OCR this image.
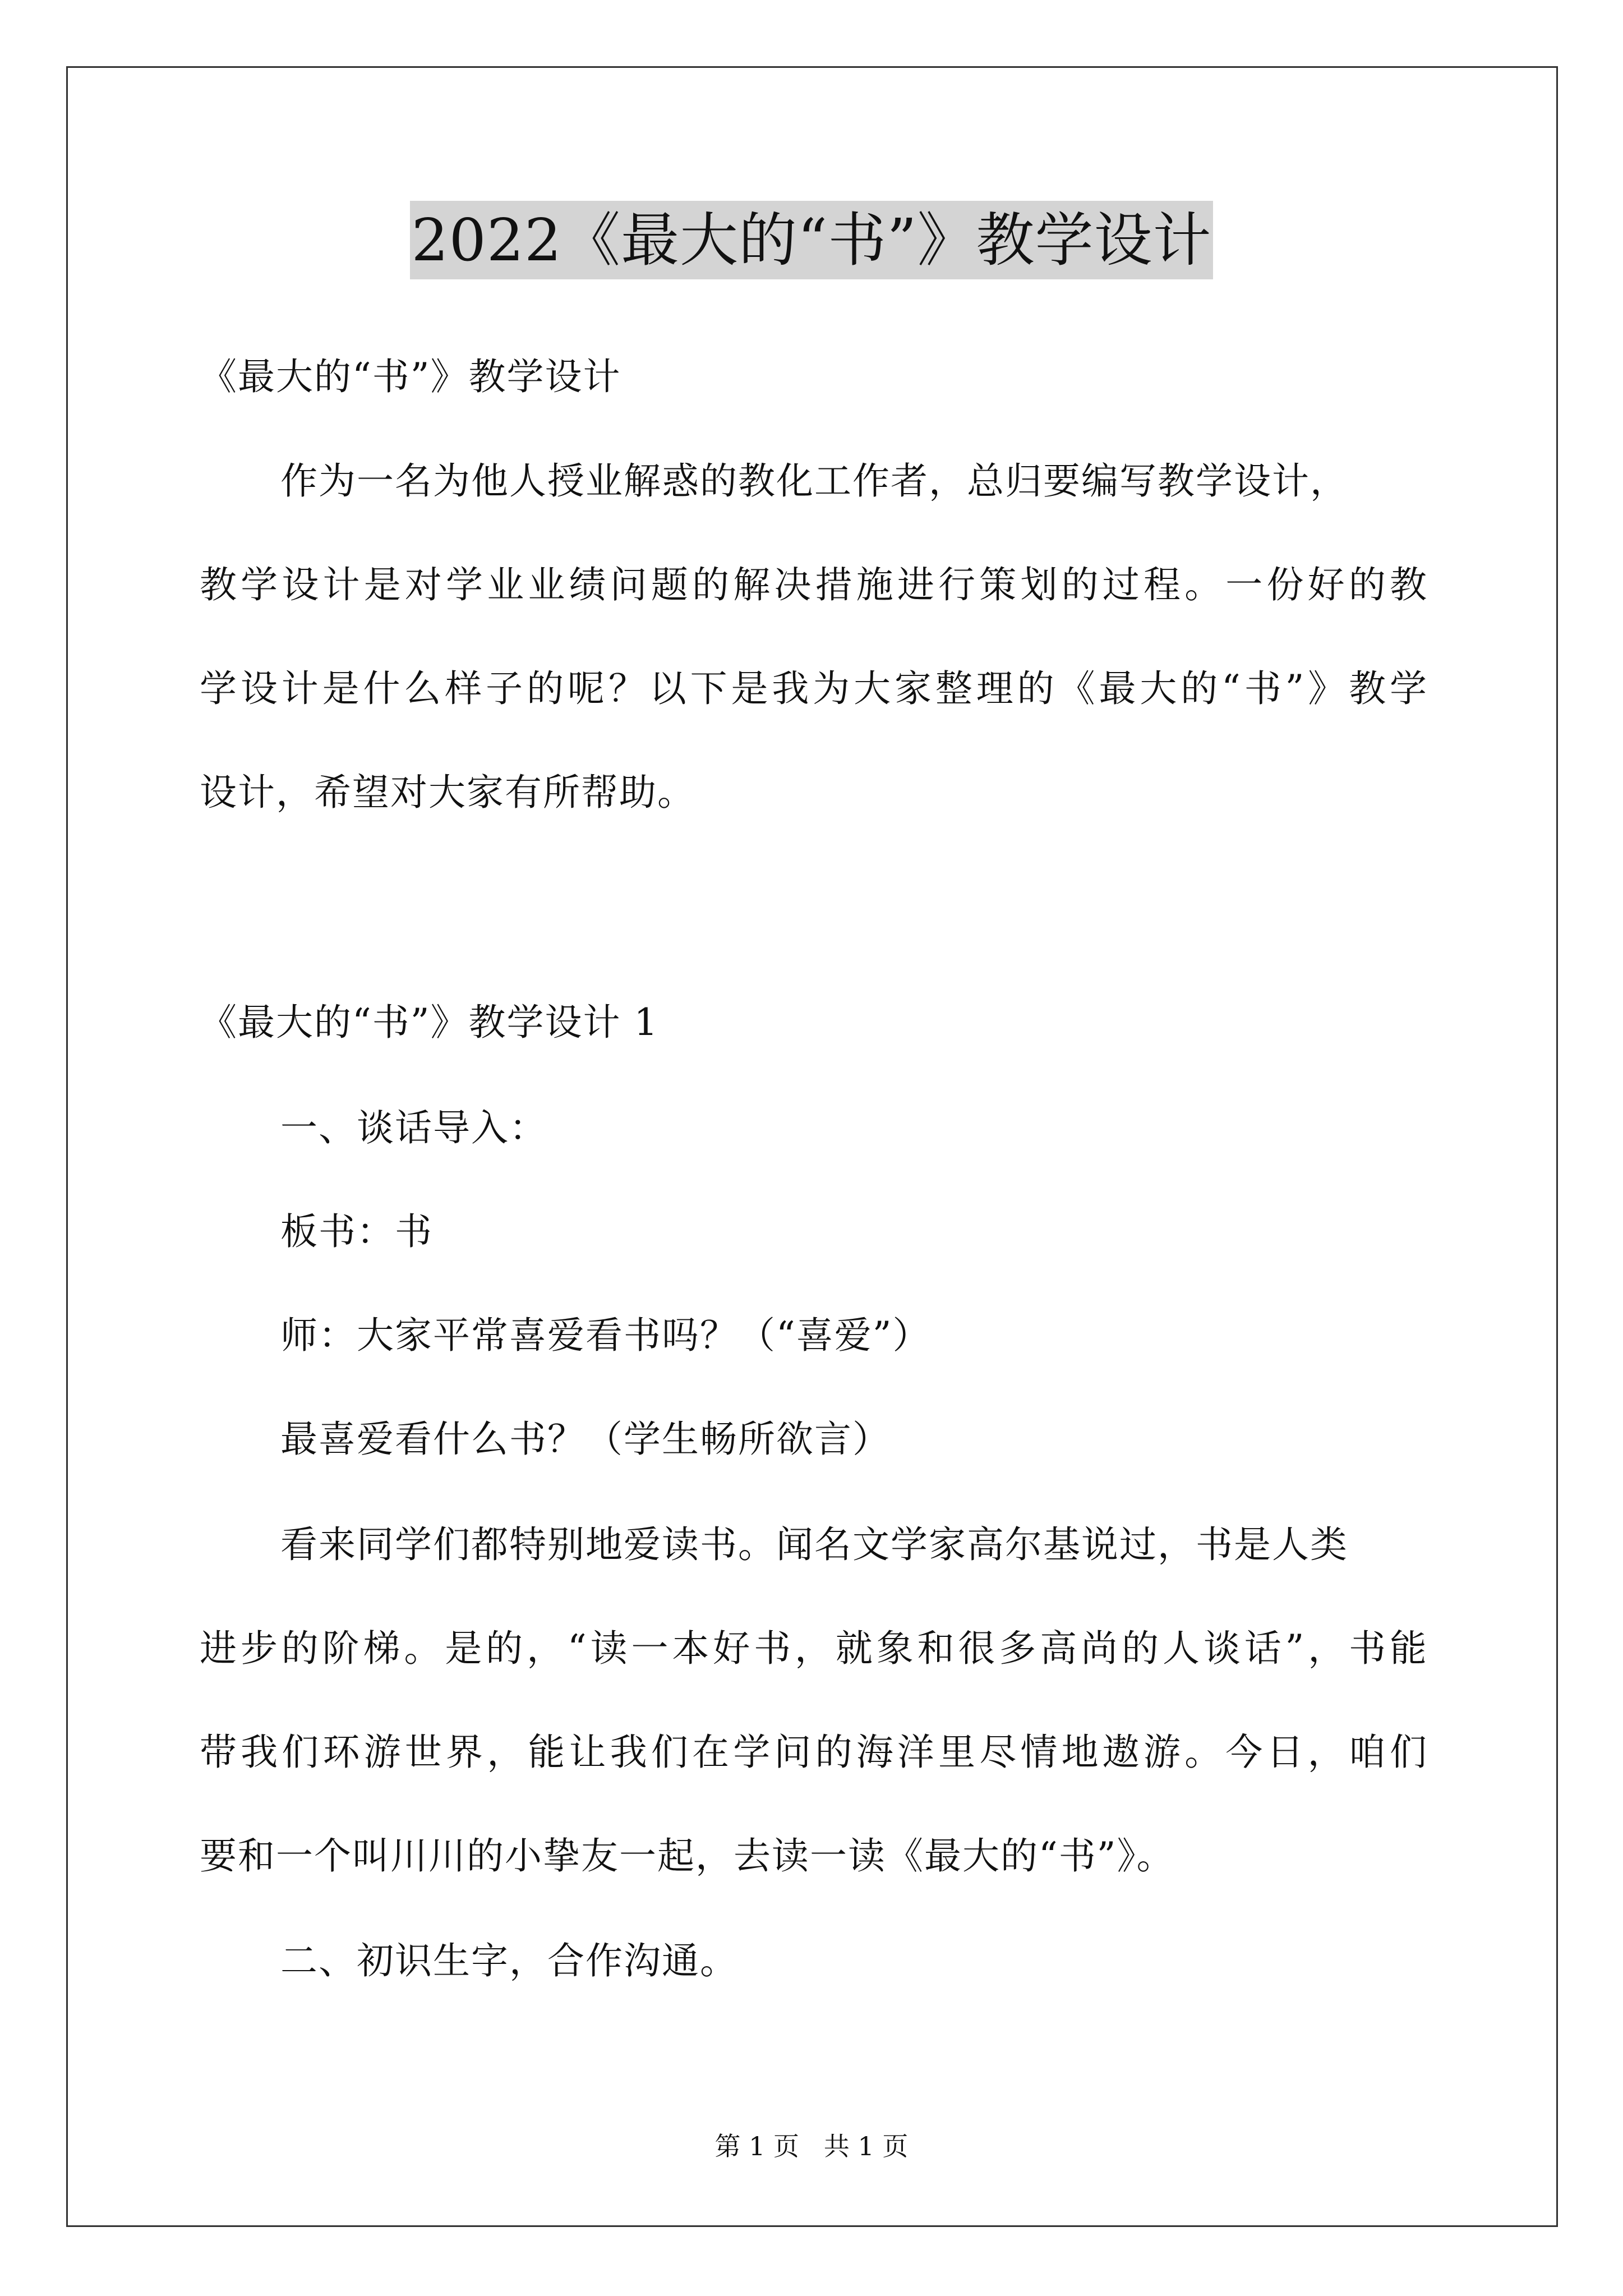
2022《最大的“书”》教学设计
《最大的“书”》教学设计
作为一名为他人授业解惑的教化工作者，总归要编写教学设计，
教学设计是对学业业绩问题的解决措施进行策划的过程。一份好的教
学设计是什么样子的呢？以下是我为大家整理的《最大的“书”》教学
设计，希望对大家有所帮助。
《最大的“书”》教学设计 1
一、谈话导入：
板书：书
师：大家平常喜爱看书吗？（“喜爱”）
最喜爱看什么书？（学生畅所欲言）
看来同学们都特别地爱读书。闻名文学家高尔基说过，书是人类
进步的阶梯。是的，“读一本好书，就象和很多高尚的人谈话”，书能
带我们环游世界，能让我们在学问的海洋里尽情地遨游。今日，咱们
要和一个叫川川的小挚友一起，去读一读《最大的“书”》。
二、初识生字，合作沟通。
第 1 页   共 1 页
